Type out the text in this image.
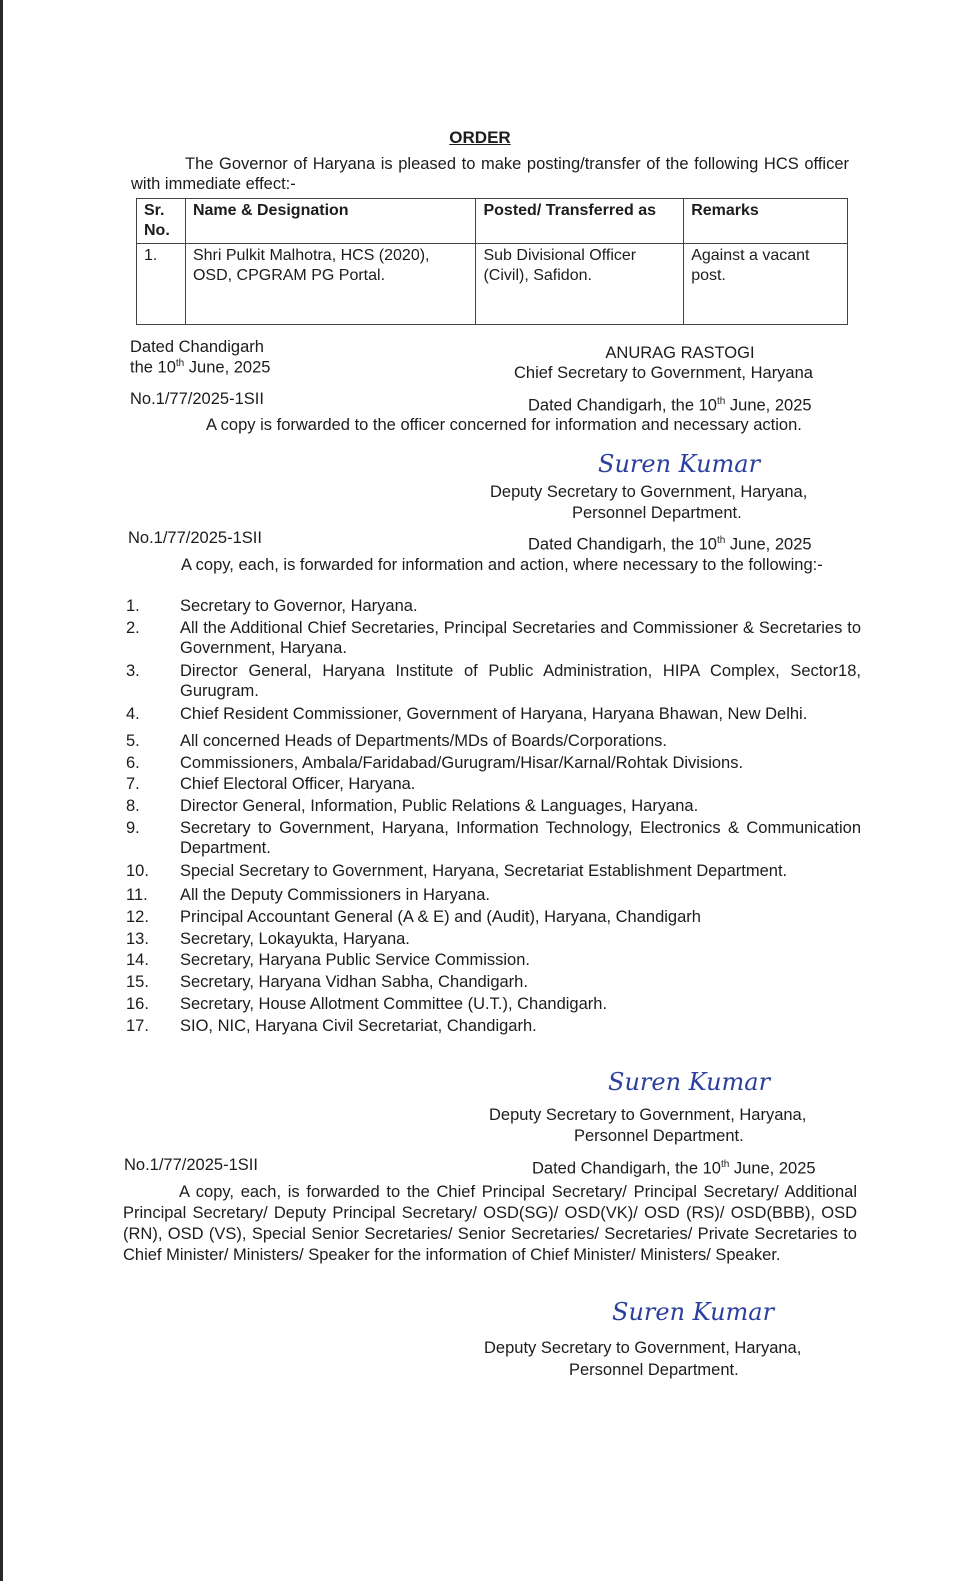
ORDER
The Governor of Haryana is pleased to make posting/transfer of the following HCS officer with immediate effect:-
Sr. No.	Name & Designation	Posted/ Transferred as	Remarks
1.	Shri Pulkit Malhotra, HCS (2020), OSD, CPGRAM PG Portal.	Sub Divisional Officer (Civil), Safidon.	Against a vacant post.
Dated Chandigarh
the 10th June, 2025
ANURAG RASTOGI
Chief Secretary to Government, Haryana
No.1/77/2025-1SII	Dated Chandigarh, the 10th June, 2025
A copy is forwarded to the officer concerned for information and necessary action.
Suren Kumar
Deputy Secretary to Government, Haryana,
Personnel Department.
No.1/77/2025-1SII	Dated Chandigarh, the 10th June, 2025
A copy, each, is forwarded for information and action, where necessary to the following:-
1. Secretary to Governor, Haryana.
2. All the Additional Chief Secretaries, Principal Secretaries and Commissioner & Secretaries to Government, Haryana.
3. Director General, Haryana Institute of Public Administration, HIPA Complex, Sector18, Gurugram.
4. Chief Resident Commissioner, Government of Haryana, Haryana Bhawan, New Delhi.
5. All concerned Heads of Departments/MDs of Boards/Corporations.
6. Commissioners, Ambala/Faridabad/Gurugram/Hisar/Karnal/Rohtak Divisions.
7. Chief Electoral Officer, Haryana.
8. Director General, Information, Public Relations & Languages, Haryana.
9. Secretary to Government, Haryana, Information Technology, Electronics & Communication Department.
10. Special Secretary to Government, Haryana, Secretariat Establishment Department.
11. All the Deputy Commissioners in Haryana.
12. Principal Accountant General (A & E) and (Audit), Haryana, Chandigarh
13. Secretary, Lokayukta, Haryana.
14. Secretary, Haryana Public Service Commission.
15. Secretary, Haryana Vidhan Sabha, Chandigarh.
16. Secretary, House Allotment Committee (U.T.), Chandigarh.
17. SIO, NIC, Haryana Civil Secretariat, Chandigarh.
Suren Kumar
Deputy Secretary to Government, Haryana,
Personnel Department.
No.1/77/2025-1SII	Dated Chandigarh, the 10th June, 2025
A copy, each, is forwarded to the Chief Principal Secretary/ Principal Secretary/ Additional Principal Secretary/ Deputy Principal Secretary/ OSD(SG)/ OSD(VK)/ OSD (RS)/ OSD(BBB), OSD (RN), OSD (VS), Special Senior Secretaries/ Senior Secretaries/ Secretaries/ Private Secretaries to Chief Minister/ Ministers/ Speaker for the information of Chief Minister/ Ministers/ Speaker.
Suren Kumar
Deputy Secretary to Government, Haryana,
Personnel Department.
